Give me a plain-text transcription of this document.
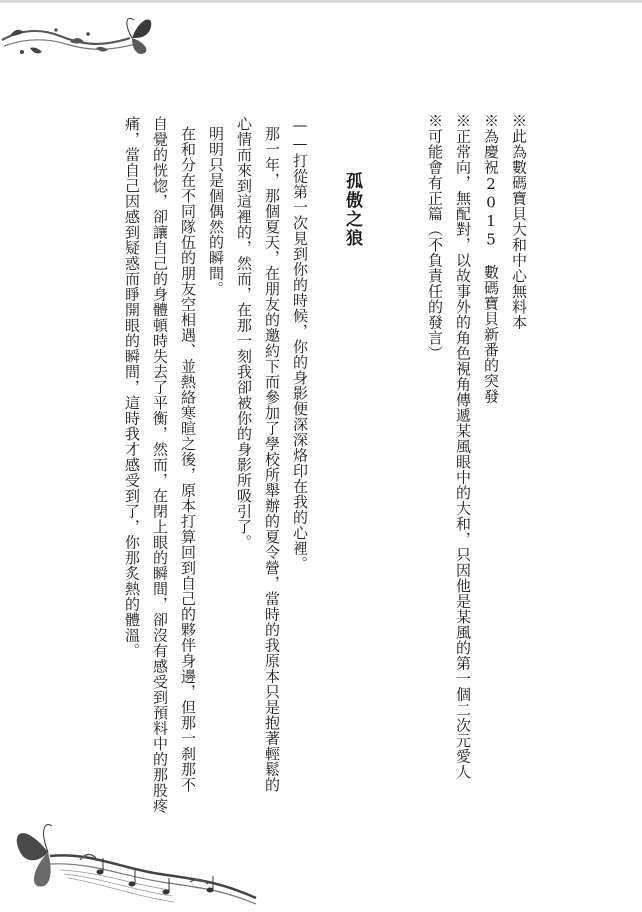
※此為數碼寶貝大和中心無料本
※為慶祝2015　數碼寶貝新番的突發
※正常向，無配對，以故事外的角色視角傳遞某風眼中的大和，只因他是某風的第一個二次元愛人
※可能會有正篇（不負責任的發言）
孤傲之狼
——打從第一次見到你的時候，你的身影便深深烙印在我的心裡。
那一年，那個夏天，在朋友的邀約下而參加了學校所舉辦的夏令營，當時的我原本只是抱著輕鬆的
心情而來到這裡的，然而，在那一刻我卻被你的身影所吸引了。
明明只是個偶然的瞬間。
在和分在不同隊伍的朋友空相遇、並熱絡寒暄之後，原本打算回到自己的夥伴身邊，但那一刹那不
自覺的恍惚，卻讓自己的身體頓時失去了平衡，然而，在閉上眼的瞬間，卻沒有感受到預料中的那股疼
痛，當自己因感到疑惑而睜開眼的瞬間，這時我才感受到了，你那炙熱的體溫。
